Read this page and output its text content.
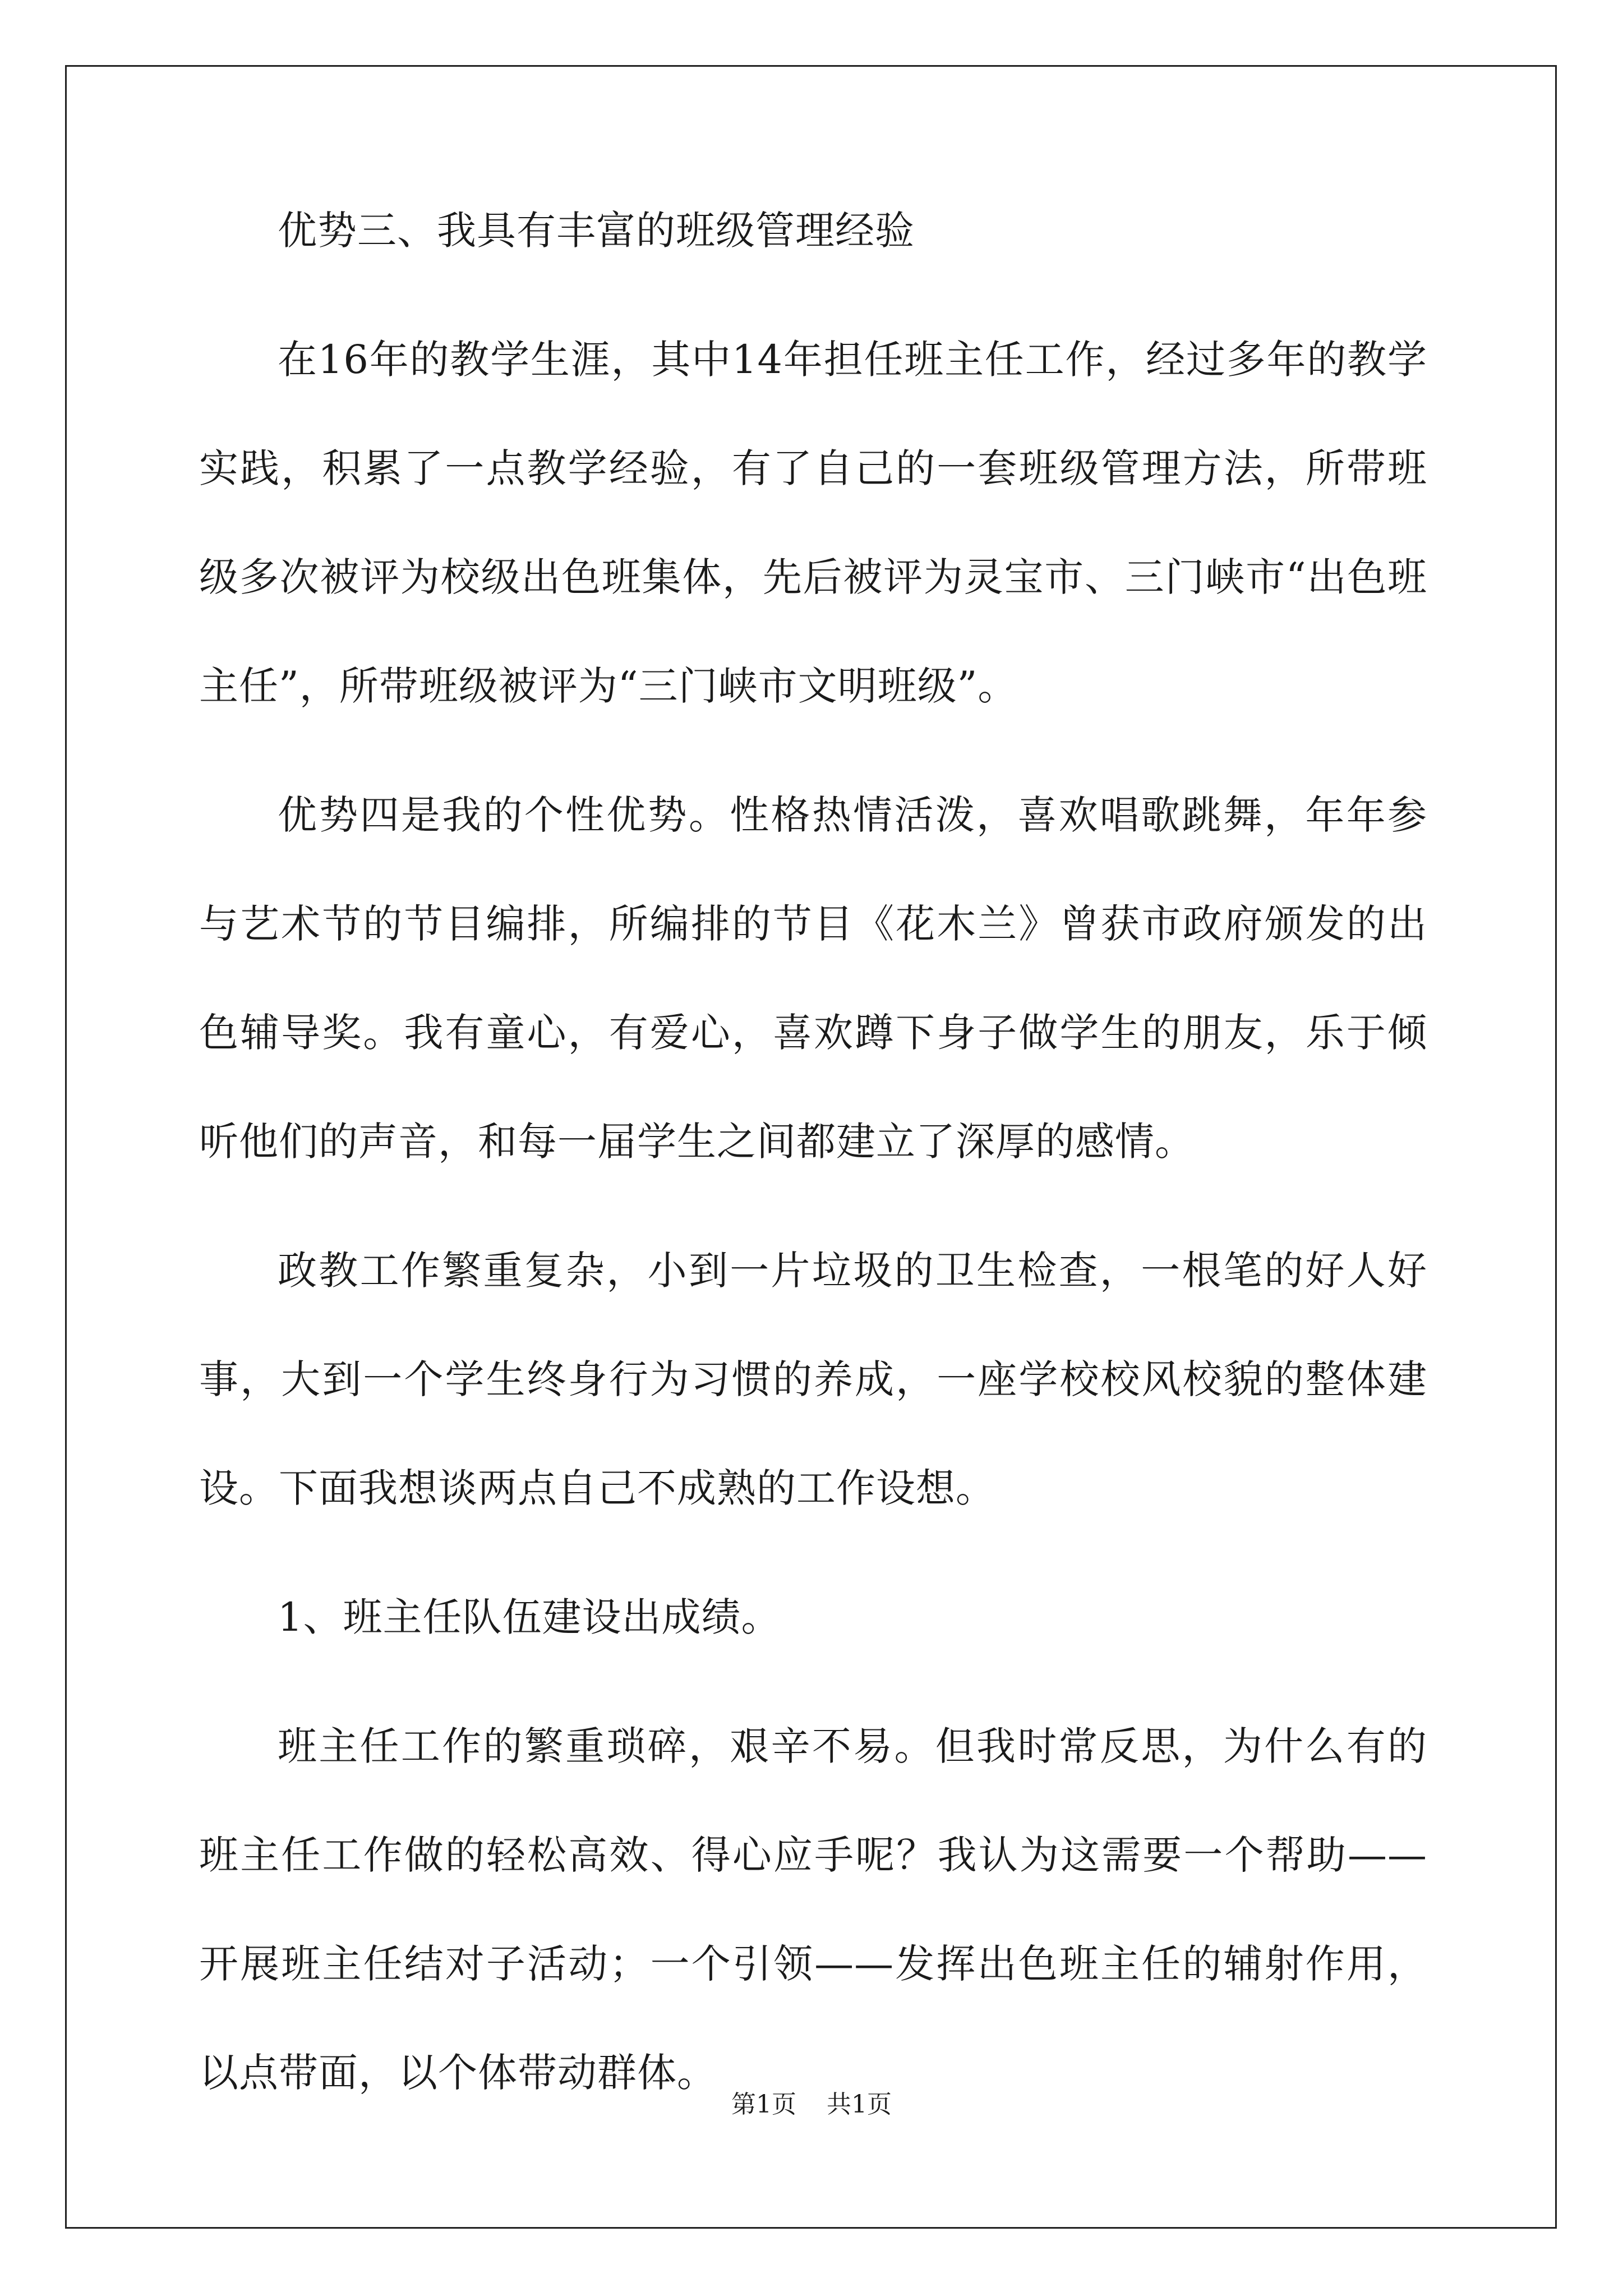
优势三、我具有丰富的班级管理经验

在16年的教学生涯，其中14年担任班主任工作，经过多年的教学实践，积累了一点教学经验，有了自己的一套班级管理方法，所带班级多次被评为校级出色班集体，先后被评为灵宝市、三门峡市“出色班主任”，所带班级被评为“三门峡市文明班级”。

优势四是我的个性优势。性格热情活泼，喜欢唱歌跳舞，年年参与艺术节的节目编排，所编排的节目《花木兰》曾获市政府颁发的出色辅导奖。我有童心，有爱心，喜欢蹲下身子做学生的朋友，乐于倾听他们的声音，和每一届学生之间都建立了深厚的感情。

政教工作繁重复杂，小到一片垃圾的卫生检查，一根笔的好人好事，大到一个学生终身行为习惯的养成，一座学校校风校貌的整体建设。下面我想谈两点自己不成熟的工作设想。

1、班主任队伍建设出成绩。

班主任工作的繁重琐碎，艰辛不易。但我时常反思，为什么有的班主任工作做的轻松高效、得心应手呢？我认为这需要一个帮助——开展班主任结对子活动；一个引领——发挥出色班主任的辅射作用，以点带面，以个体带动群体。

第1页 共1页
